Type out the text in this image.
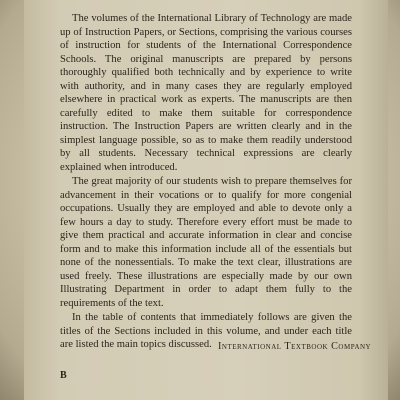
The volumes of the International Library of Technology are made up of Instruction Papers, or Sections, comprising the various courses of instruction for students of the International Correspondence Schools. The original manuscripts are prepared by persons thoroughly qualified both technically and by experience to write with authority, and in many cases they are regularly employed elsewhere in practical work as experts. The manuscripts are then carefully edited to make them suitable for correspondence instruction. The Instruction Papers are written clearly and in the simplest language possible, so as to make them readily understood by all students. Necessary technical expressions are clearly explained when introduced.

The great majority of our students wish to prepare themselves for advancement in their vocations or to qualify for more congenial occupations. Usually they are employed and able to devote only a few hours a day to study. Therefore every effort must be made to give them practical and accurate information in clear and concise form and to make this information include all of the essentials but none of the nonessentials. To make the text clear, illustrations are used freely. These illustrations are especially made by our own Illustrating Department in order to adapt them fully to the requirements of the text.

In the table of contents that immediately follows are given the titles of the Sections included in this volume, and under each title are listed the main topics discussed. International Textbook Company
B
